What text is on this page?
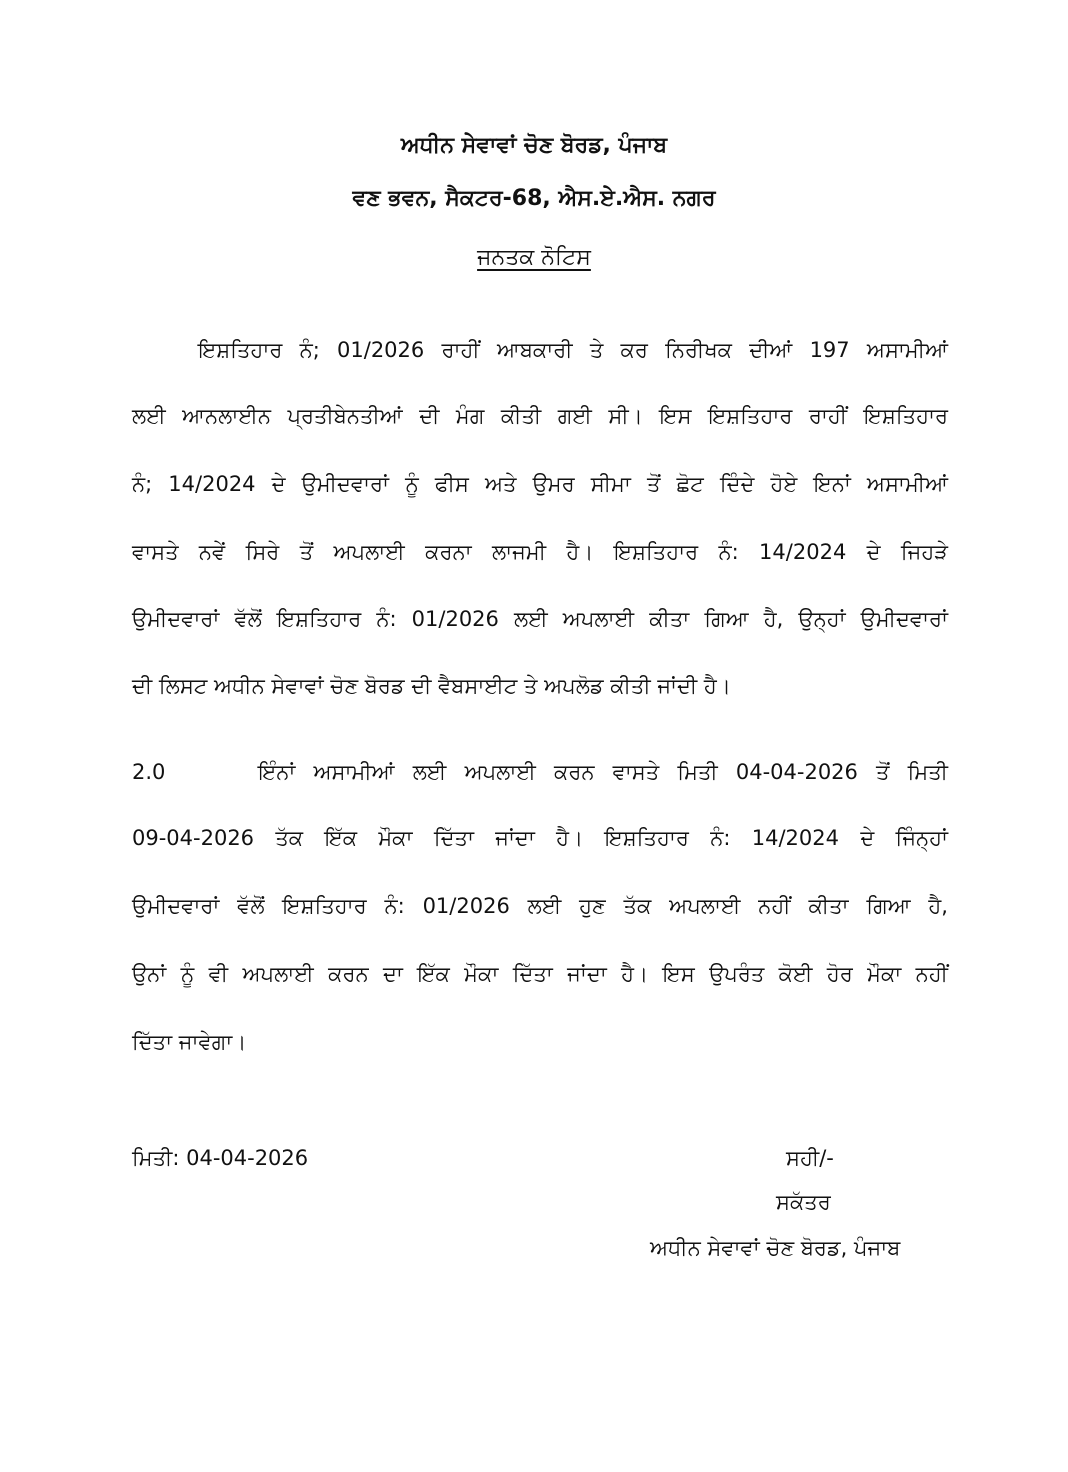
ਅਧੀਨ ਸੇਵਾਵਾਂ ਚੋਣ ਬੋਰਡ, ਪੰਜਾਬ
ਵਣ ਭਵਨ, ਸੈਕਟਰ-68, ਐਸ.ਏ.ਐਸ. ਨਗਰ
ਜਨਤਕ ਨੋਟਿਸ
ਇਸ਼ਤਿਹਾਰ ਨੰ; 01/2026 ਰਾਹੀਂ ਆਬਕਾਰੀ ਤੇ ਕਰ ਨਿਰੀਖਕ ਦੀਆਂ 197 ਅਸਾਮੀਆਂ
ਲਈ ਆਨਲਾਈਨ ਪ੍ਰਤੀਬੇਨਤੀਆਂ ਦੀ ਮੰਗ ਕੀਤੀ ਗਈ ਸੀ। ਇਸ ਇਸ਼ਤਿਹਾਰ ਰਾਹੀਂ ਇਸ਼ਤਿਹਾਰ
ਨੰ; 14/2024 ਦੇ ਉਮੀਦਵਾਰਾਂ ਨੂੰ ਫੀਸ ਅਤੇ ਉਮਰ ਸੀਮਾ ਤੋਂ ਛੋਟ ਦਿੰਦੇ ਹੋਏ ਇਨਾਂ ਅਸਾਮੀਆਂ
ਵਾਸਤੇ ਨਵੇਂ ਸਿਰੇ ਤੋਂ ਅਪਲਾਈ ਕਰਨਾ ਲਾਜਮੀ ਹੈ। ਇਸ਼ਤਿਹਾਰ ਨੰ: 14/2024 ਦੇ ਜਿਹੜੇ
ਉਮੀਦਵਾਰਾਂ ਵੱਲੋਂ ਇਸ਼ਤਿਹਾਰ ਨੰ: 01/2026 ਲਈ ਅਪਲਾਈ ਕੀਤਾ ਗਿਆ ਹੈ, ਉਨ੍ਹਾਂ ਉਮੀਦਵਾਰਾਂ
ਦੀ ਲਿਸਟ ਅਧੀਨ ਸੇਵਾਵਾਂ ਚੋਣ ਬੋਰਡ ਦੀ ਵੈਬਸਾਈਟ ਤੇ ਅਪਲੋਡ ਕੀਤੀ ਜਾਂਦੀ ਹੈ।
2.0	ਇੰਨਾਂ ਅਸਾਮੀਆਂ ਲਈ ਅਪਲਾਈ ਕਰਨ ਵਾਸਤੇ ਮਿਤੀ 04-04-2026 ਤੋਂ ਮਿਤੀ
09-04-2026 ਤੱਕ ਇੱਕ ਮੌਕਾ ਦਿੱਤਾ ਜਾਂਦਾ ਹੈ। ਇਸ਼ਤਿਹਾਰ ਨੰ: 14/2024 ਦੇ ਜਿੰਨ੍ਹਾਂ
ਉਮੀਦਵਾਰਾਂ ਵੱਲੋਂ ਇਸ਼ਤਿਹਾਰ ਨੰ: 01/2026 ਲਈ ਹੁਣ ਤੱਕ ਅਪਲਾਈ ਨਹੀਂ ਕੀਤਾ ਗਿਆ ਹੈ,
ਉਨਾਂ ਨੂੰ ਵੀ ਅਪਲਾਈ ਕਰਨ ਦਾ ਇੱਕ ਮੌਕਾ ਦਿੱਤਾ ਜਾਂਦਾ ਹੈ। ਇਸ ਉਪਰੰਤ ਕੋਈ ਹੋਰ ਮੌਕਾ ਨਹੀਂ
ਦਿੱਤਾ ਜਾਵੇਗਾ।
ਮਿਤੀ: 04-04-2026	ਸਹੀ/-
ਸਕੱਤਰ
ਅਧੀਨ ਸੇਵਾਵਾਂ ਚੋਣ ਬੋਰਡ, ਪੰਜਾਬ
